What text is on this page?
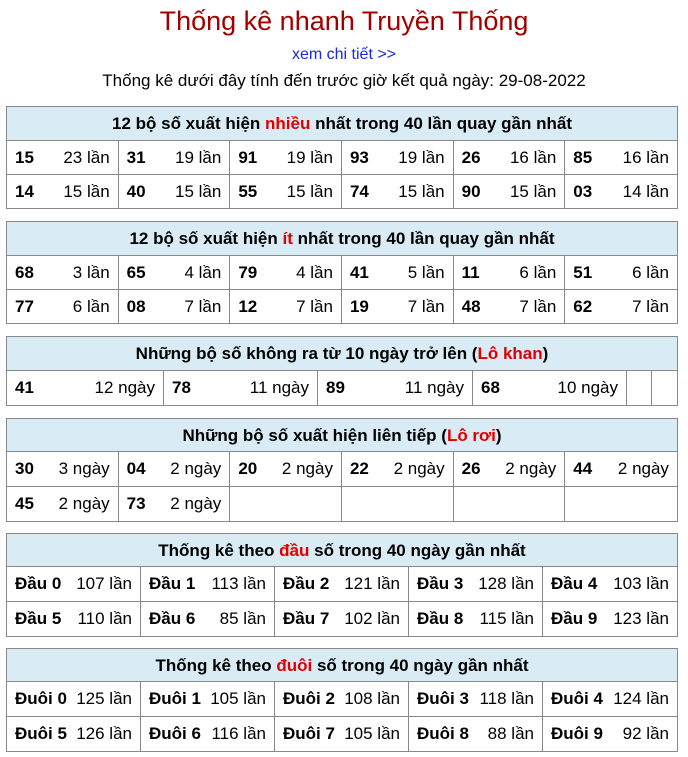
Thống kê nhanh Truyền Thống
xem chi tiết >>
Thống kê dưới đây tính đến trước giờ kết quả ngày: 29-08-2022
12 bộ số xuất hiện nhiều nhất trong 40 lần quay gần nhất
15 23 lần 31 19 lần 91 19 lần 93 19 lần 26 16 lần 85 16 lần
14 15 lần 40 15 lần 55 15 lần 74 15 lần 90 15 lần 03 14 lần
12 bộ số xuất hiện ít nhất trong 40 lần quay gần nhất
68 3 lần 65 4 lần 79 4 lần 41 5 lần 11 6 lần 51 6 lần
77 6 lần 08 7 lần 12 7 lần 19 7 lần 48 7 lần 62 7 lần
Những bộ số không ra từ 10 ngày trở lên (Lô khan)
41	12 ngày 78	11 ngày 89	11 ngày 68	10 ngày
Những bộ số xuất hiện liên tiếp (Lô rơi)
30 3 ngày 04 2 ngày 20 2 ngày 22 2 ngày 26 2 ngày 44 2 ngày
45 2 ngày 73 2 ngày
Thống kê theo đầu số trong 40 ngày gần nhất
Đầu 0 107 lần Đầu 1 113 lần Đầu 2 121 lần Đầu 3 128 lần Đầu 4 103 lần
Đầu 5 110 lần Đầu 6 85 lần Đầu 7 102 lần Đầu 8 115 lần Đầu 9 123 lần
Thống kê theo đuôi số trong 40 ngày gần nhất
Đuôi 0 125 lần Đuôi 1 105 lần Đuôi 2 108 lần Đuôi 3 118 lần Đuôi 4 124 lần
Đuôi 5 126 lần Đuôi 6 116 lần Đuôi 7 105 lần Đuôi 8 88 lần Đuôi 9 92 lần
